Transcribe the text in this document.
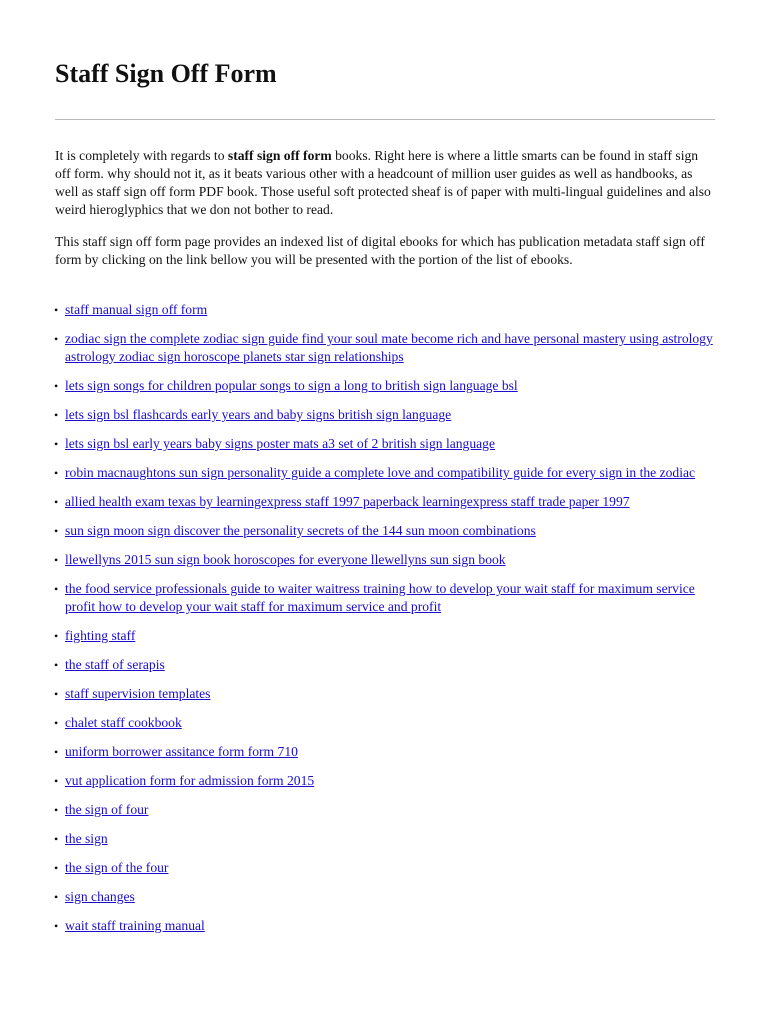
Staff Sign Off Form

It is completely with regards to staff sign off form books. Right here is where a little smarts can be found in staff sign off form. why should not it, as it beats various other with a headcount of million user guides as well as handbooks, as well as staff sign off form PDF book. Those useful soft protected sheaf is of paper with multi-lingual guidelines and also weird hieroglyphics that we don not bother to read.

This staff sign off form page provides an indexed list of digital ebooks for which has publication metadata staff sign off form by clicking on the link bellow you will be presented with the portion of the list of ebooks.

• staff manual sign off form
• zodiac sign the complete zodiac sign guide find your soul mate become rich and have personal mastery using astrology astrology zodiac sign horoscope planets star sign relationships
• lets sign songs for children popular songs to sign a long to british sign language bsl
• lets sign bsl flashcards early years and baby signs british sign language
• lets sign bsl early years baby signs poster mats a3 set of 2 british sign language
• robin macnaughtons sun sign personality guide a complete love and compatibility guide for every sign in the zodiac
• allied health exam texas by learningexpress staff 1997 paperback learningexpress staff trade paper 1997
• sun sign moon sign discover the personality secrets of the 144 sun moon combinations
• llewellyns 2015 sun sign book horoscopes for everyone llewellyns sun sign book
• the food service professionals guide to waiter waitress training how to develop your wait staff for maximum service profit how to develop your wait staff for maximum service and profit
• fighting staff
• the staff of serapis
• staff supervision templates
• chalet staff cookbook
• uniform borrower assitance form form 710
• vut application form for admission form 2015
• the sign of four
• the sign
• the sign of the four
• sign changes
• wait staff training manual
